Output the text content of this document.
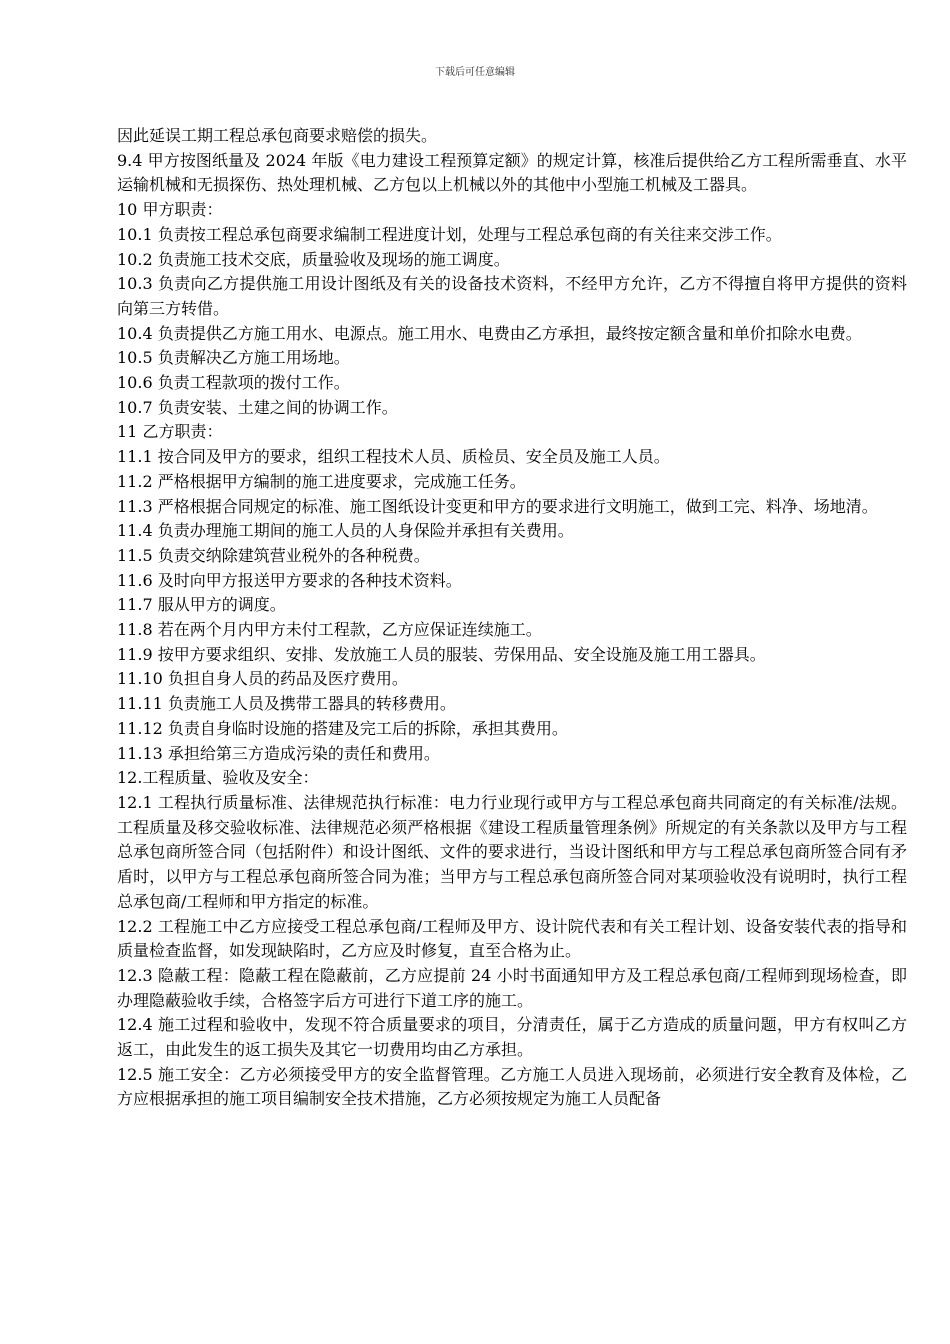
下载后可任意编辑

因此延误工期工程总承包商要求赔偿的损失。

9.4 甲方按图纸量及 2024 年版《电力建设工程预算定额》的规定计算，核准后提供给乙方工程所需垂直、水平运输机械和无损探伤、热处理机械、乙方包以上机械以外的其他中小型施工机械及工器具。

10 甲方职责：

10.1 负责按工程总承包商要求编制工程进度计划，处理与工程总承包商的有关往来交涉工作。

10.2 负责施工技术交底，质量验收及现场的施工调度。

10.3 负责向乙方提供施工用设计图纸及有关的设备技术资料，不经甲方允许，乙方不得擅自将甲方提供的资料向第三方转借。

10.4 负责提供乙方施工用水、电源点。施工用水、电费由乙方承担，最终按定额含量和单价扣除水电费。

10.5 负责解决乙方施工用场地。

10.6 负责工程款项的拨付工作。

10.7 负责安装、土建之间的协调工作。

11 乙方职责：

11.1 按合同及甲方的要求，组织工程技术人员、质检员、安全员及施工人员。

11.2 严格根据甲方编制的施工进度要求，完成施工任务。

11.3 严格根据合同规定的标准、施工图纸设计变更和甲方的要求进行文明施工，做到工完、料净、场地清。

11.4 负责办理施工期间的施工人员的人身保险并承担有关费用。

11.5 负责交纳除建筑营业税外的各种税费。

11.6 及时向甲方报送甲方要求的各种技术资料。

11.7 服从甲方的调度。

11.8 若在两个月内甲方未付工程款，乙方应保证连续施工。

11.9 按甲方要求组织、安排、发放施工人员的服装、劳保用品、安全设施及施工用工器具。

11.10 负担自身人员的药品及医疗费用。

11.11 负责施工人员及携带工器具的转移费用。

11.12 负责自身临时设施的搭建及完工后的拆除，承担其费用。

11.13 承担给第三方造成污染的责任和费用。

12.工程质量、验收及安全：

12.1 工程执行质量标准、法律规范执行标准：电力行业现行或甲方与工程总承包商共同商定的有关标准/法规。工程质量及移交验收标准、法律规范必须严格根据《建设工程质量管理条例》所规定的有关条款以及甲方与工程总承包商所签合同（包括附件）和设计图纸、文件的要求进行，当设计图纸和甲方与工程总承包商所签合同有矛盾时，以甲方与工程总承包商所签合同为准；当甲方与工程总承包商所签合同对某项验收没有说明时，执行工程总承包商/工程师和甲方指定的标准。

12.2 工程施工中乙方应接受工程总承包商/工程师及甲方、设计院代表和有关工程计划、设备安装代表的指导和质量检查监督，如发现缺陷时，乙方应及时修复，直至合格为止。

12.3 隐蔽工程：隐蔽工程在隐蔽前，乙方应提前 24 小时书面通知甲方及工程总承包商/工程师到现场检查，即办理隐蔽验收手续，合格签字后方可进行下道工序的施工。

12.4 施工过程和验收中，发现不符合质量要求的项目，分清责任，属于乙方造成的质量问题，甲方有权叫乙方返工，由此发生的返工损失及其它一切费用均由乙方承担。

12.5 施工安全：乙方必须接受甲方的安全监督管理。乙方施工人员进入现场前，必须进行安全教育及体检，乙方应根据承担的施工项目编制安全技术措施，乙方必须按规定为施工人员配备
